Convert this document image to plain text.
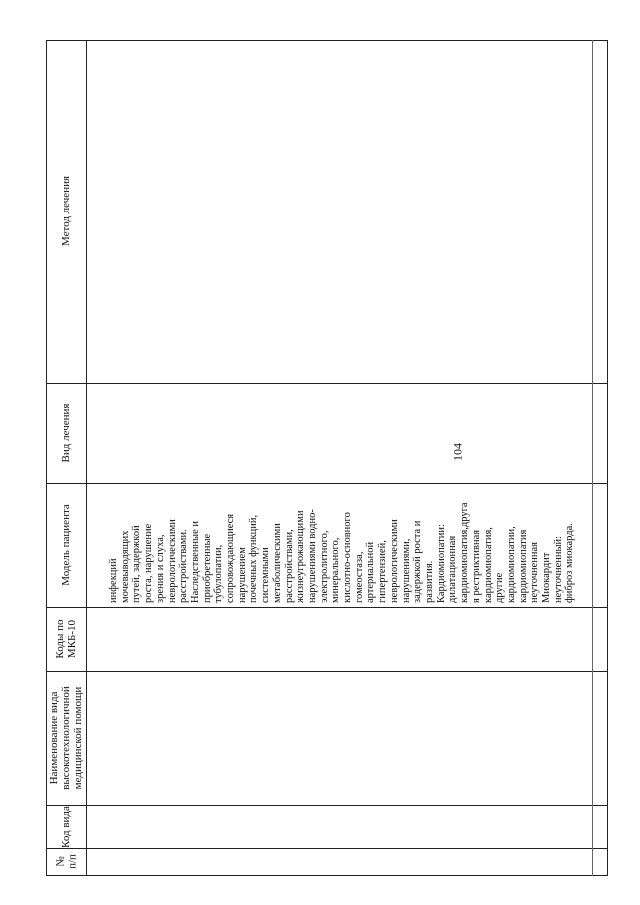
104
№ п/п
Код вида
Наименование вида высокотехнологичной медицинской помощи
Коды по МКБ-10
Модель пациента
Вид лечения
Метод лечения
инфекций мочевыводящих путей, задержкой роста, нарушение зрения и слуха, неврологическими расстройствами. Наследственные и приобретенные тубулопатии, сопровождающиеся нарушением почечных функций, системными метаболическими расстройствами, жизнеугрожающими нарушениями водно- электролитного, минерального, кислотно-основного гомеостаза, артериальной гипертензией, неврологическими нарушениями, задержкой роста и развития. Кардиомиопатии: дилатационная кардиомиопатия,друга я рестриктивная кардиомиопатия, другие кардиомиопатии, кардиомиопатия неуточненная Миокардит неуточненный: фиброз миокарда.
